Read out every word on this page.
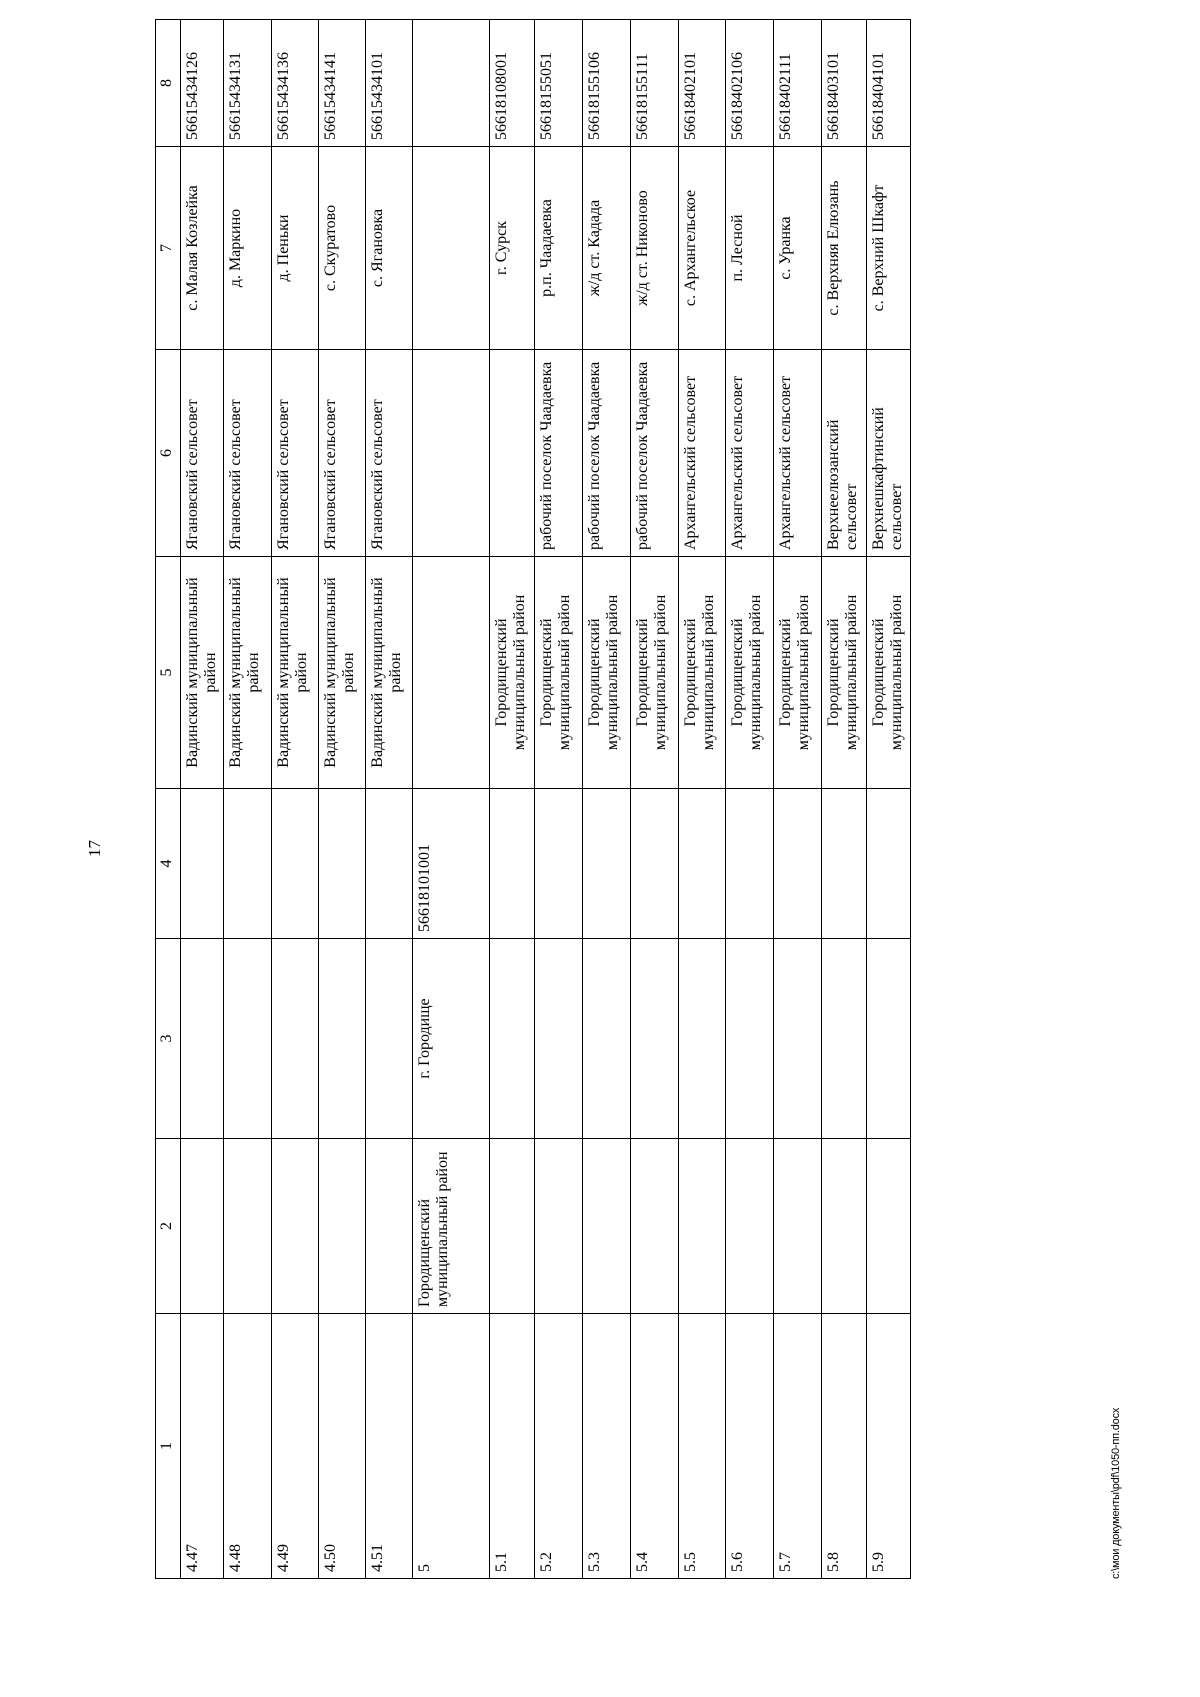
17
1	2	3	4	5	6	7	8
4.47				Вадинский муниципальный район	Ягановский сельсовет	с. Малая Козлейка	56615434126
4.48				Вадинский муниципальный район	Ягановский сельсовет	д. Маркино	56615434131
4.49				Вадинский муниципальный район	Ягановский сельсовет	д. Пеньки	56615434136
4.50				Вадинский муниципальный район	Ягановский сельсовет	с. Скуратово	56615434141
4.51				Вадинский муниципальный район	Ягановский сельсовет	с. Ягановка	56615434101
5	Городищенский муниципальный район	г. Городище	56618101001				
5.1				Городищенский муниципальный район		г. Сурск	56618108001
5.2				Городищенский муниципальный район	рабочий поселок Чаадаевка	р.п. Чаадаевка	56618155051
5.3				Городищенский муниципальный район	рабочий поселок Чаадаевка	ж/д ст. Кадада	56618155106
5.4				Городищенский муниципальный район	рабочий поселок Чаадаевка	ж/д ст. Никоново	56618155111
5.5				Городищенский муниципальный район	Архангельский сельсовет	с. Архангельское	56618402101
5.6				Городищенский муниципальный район	Архангельский сельсовет	п. Лесной	56618402106
5.7				Городищенский муниципальный район	Архангельский сельсовет	с. Уранка	56618402111
5.8				Городищенский муниципальный район	Верхнеелюзанский сельсовет	с. Верхняя Елюзань	56618403101
5.9				Городищенский муниципальный район	Верхнешкафтинский сельсовет	с. Верхний Шкафт	56618404101
c:\мои документы\pdf\1050-пп.docx
